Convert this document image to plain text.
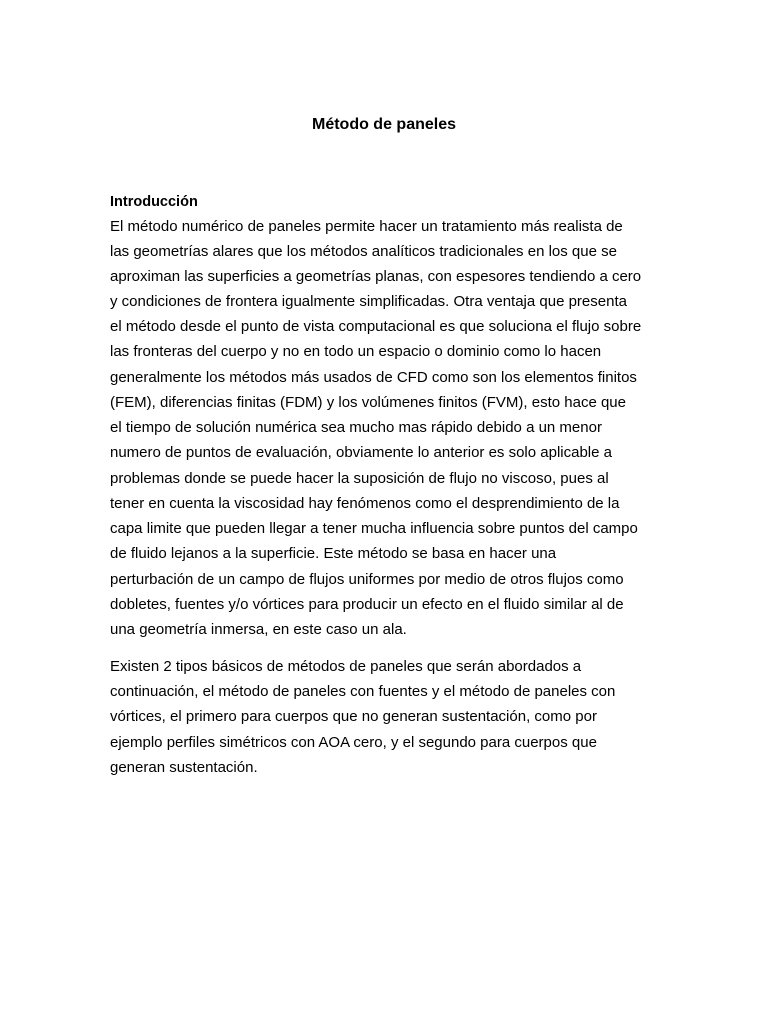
Método de paneles
Introducción

El método numérico de paneles permite hacer un tratamiento más realista de

las geometrías alares que los métodos analíticos tradicionales en los que se

aproximan las superficies a geometrías planas, con espesores tendiendo a cero

y condiciones de frontera igualmente simplificadas. Otra ventaja que presenta

el método desde el punto de vista computacional es que soluciona el flujo sobre

las fronteras del cuerpo y no en todo un espacio o dominio como lo hacen

generalmente los métodos más usados de CFD como son los elementos finitos

(FEM), diferencias finitas (FDM) y los volúmenes finitos (FVM), esto hace que

el tiempo de solución numérica sea mucho mas rápido debido a un menor

numero de puntos de evaluación, obviamente lo anterior es solo aplicable a

problemas donde se puede hacer la suposición de flujo no viscoso, pues al

tener en cuenta la viscosidad hay fenómenos como el desprendimiento de la

capa limite que pueden llegar a tener mucha influencia sobre puntos del campo

de fluido lejanos a la superficie. Este método se basa en hacer una

perturbación de un campo de flujos uniformes por medio de otros flujos como

dobletes, fuentes y/o vórtices para producir un efecto en el fluido similar al de

una geometría inmersa, en este caso un ala.

Existen 2 tipos básicos de métodos de paneles que serán abordados a

continuación, el método de paneles con fuentes y el método de paneles con

vórtices, el primero para cuerpos que no generan sustentación, como por

ejemplo perfiles simétricos con AOA cero, y el segundo para cuerpos que

generan sustentación.
